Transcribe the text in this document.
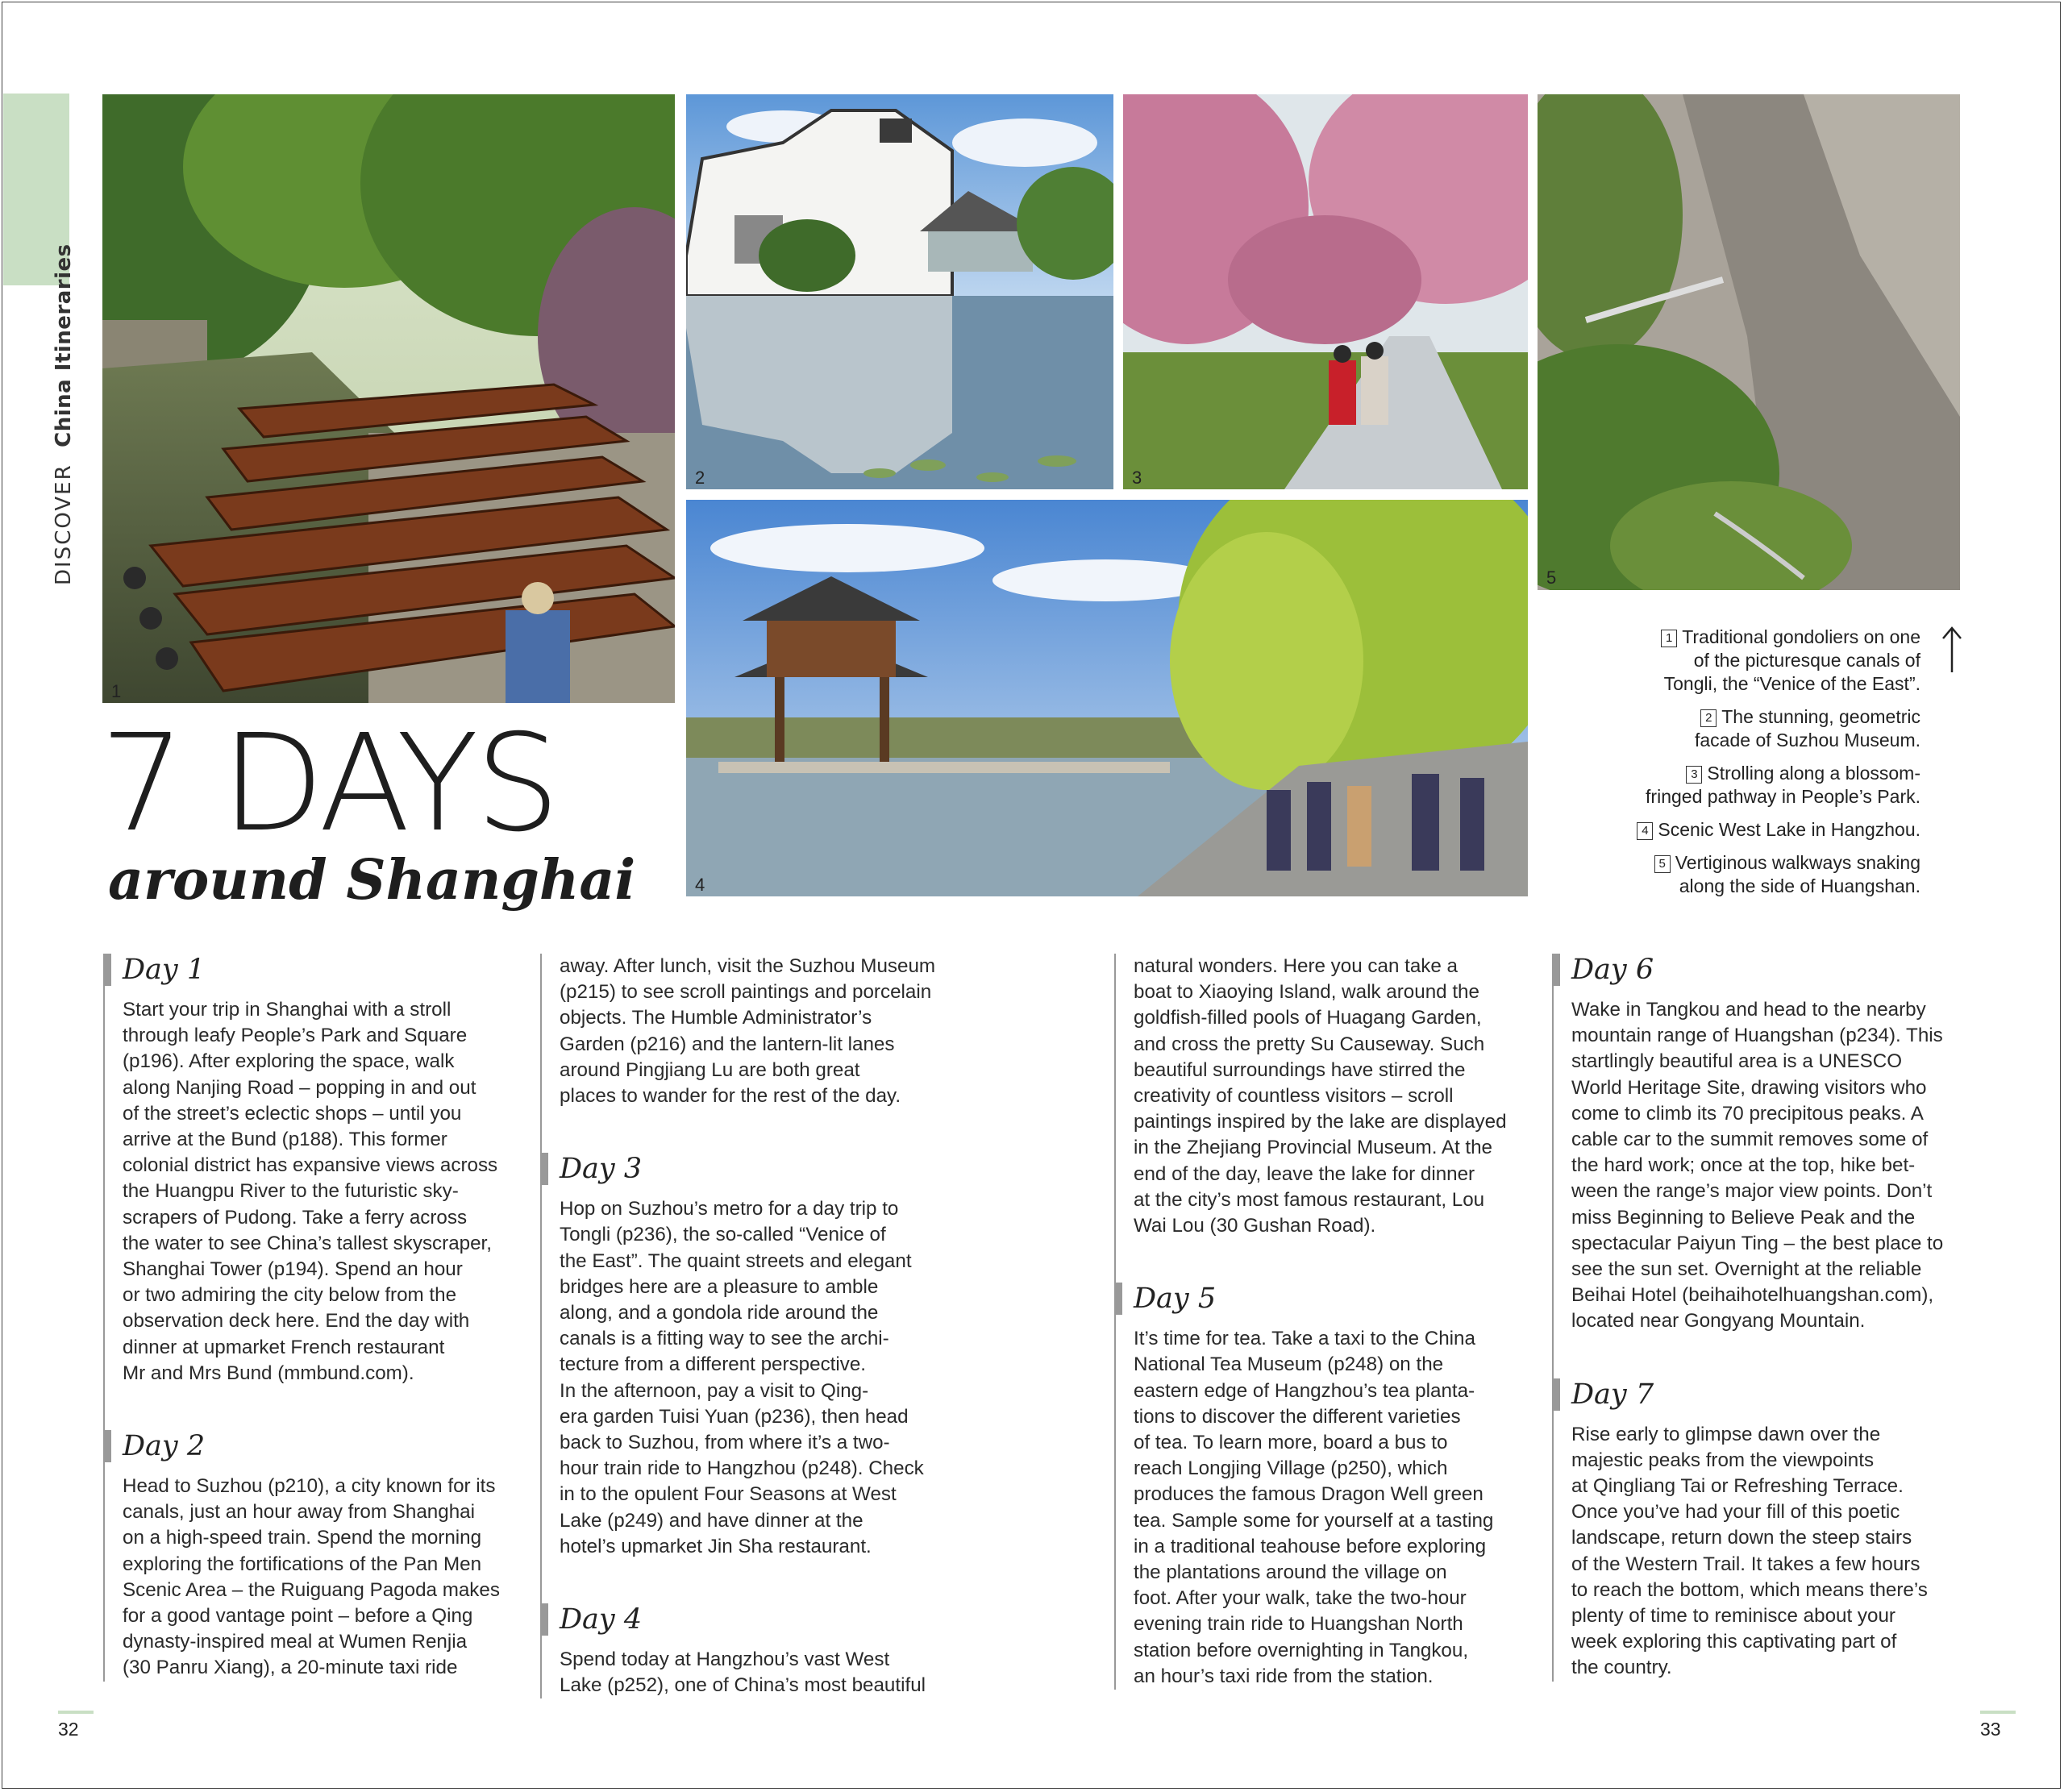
DISCOVER  China Itineraries
1
2	3
4
5
7 DAYS
around Shanghai
1 Traditional gondoliers on one
of the picturesque canals of
Tongli, the “Venice of the East”.
2 The stunning, geometric
facade of Suzhou Museum.
3 Strolling along a blossom-
fringed pathway in People’s Park.
4 Scenic West Lake in Hangzhou.
5 Vertiginous walkways snaking
along the side of Huangshan.
Day 1

Start your trip in Shanghai with a stroll
through leafy People’s Park and Square
(p196). After exploring the space, walk
along Nanjing Road – popping in and out
of the street’s eclectic shops – until you
arrive at the Bund (p188). This former
colonial district has expansive views across
the Huangpu River to the futuristic sky-
scrapers of Pudong. Take a ferry across
the water to see China’s tallest skyscraper,
Shanghai Tower (p194). Spend an hour
or two admiring the city below from the
observation deck here. End the day with
dinner at upmarket French restaurant
Mr and Mrs Bund (mmbund.com).

Day 2

Head to Suzhou (p210), a city known for its
canals, just an hour away from Shanghai
on a high-speed train. Spend the morning
exploring the fortifications of the Pan Men
Scenic Area – the Ruiguang Pagoda makes
for a good vantage point – before a Qing
dynasty-inspired meal at Wumen Renjia
(30 Panru Xiang), a 20-minute taxi ride

away. After lunch, visit the Suzhou Museum
(p215) to see scroll paintings and porcelain
objects. The Humble Administrator’s
Garden (p216) and the lantern-lit lanes
around Pingjiang Lu are both great
places to wander for the rest of the day.

Day 3

Hop on Suzhou’s metro for a day trip to
Tongli (p236), the so-called “Venice of
the East”. The quaint streets and elegant
bridges here are a pleasure to amble
along, and a gondola ride around the
canals is a fitting way to see the archi-
tecture from a different perspective.
In the afternoon, pay a visit to Qing-
era garden Tuisi Yuan (p236), then head
back to Suzhou, from where it’s a two-
hour train ride to Hangzhou (p248). Check
in to the opulent Four Seasons at West
Lake (p249) and have dinner at the
hotel’s upmarket Jin Sha restaurant.

Day 4

Spend today at Hangzhou’s vast West
Lake (p252), one of China’s most beautiful

natural wonders. Here you can take a
boat to Xiaoying Island, walk around the
goldfish-filled pools of Huagang Garden,
and cross the pretty Su Causeway. Such
beautiful surroundings have stirred the
creativity of countless visitors – scroll
paintings inspired by the lake are displayed
in the Zhejiang Provincial Museum. At the
end of the day, leave the lake for dinner
at the city’s most famous restaurant, Lou
Wai Lou (30 Gushan Road).

Day 5

It’s time for tea. Take a taxi to the China
National Tea Museum (p248) on the
eastern edge of Hangzhou’s tea planta-
tions to discover the different varieties
of tea. To learn more, board a bus to
reach Longjing Village (p250), which
produces the famous Dragon Well green
tea. Sample some for yourself at a tasting
in a traditional teahouse before exploring
the plantations around the village on
foot. After your walk, take the two-hour
evening train ride to Huangshan North
station before overnighting in Tangkou,
an hour’s taxi ride from the station.

Day 6

Wake in Tangkou and head to the nearby
mountain range of Huangshan (p234). This
startlingly beautiful area is a UNESCO
World Heritage Site, drawing visitors who
come to climb its 70 precipitous peaks. A
cable car to the summit removes some of
the hard work; once at the top, hike bet-
ween the range’s major view points. Don’t
miss Beginning to Believe Peak and the
spectacular Paiyun Ting – the best place to
see the sun set. Overnight at the reliable
Beihai Hotel (beihaihotelhuangshan.com),
located near Gongyang Mountain.

Day 7

Rise early to glimpse dawn over the
majestic peaks from the viewpoints
at Qingliang Tai or Refreshing Terrace.
Once you’ve had your fill of this poetic
landscape, return down the steep stairs
of the Western Trail. It takes a few hours
to reach the bottom, which means there’s
plenty of time to reminisce about your
week exploring this captivating part of
the country.

32	33
